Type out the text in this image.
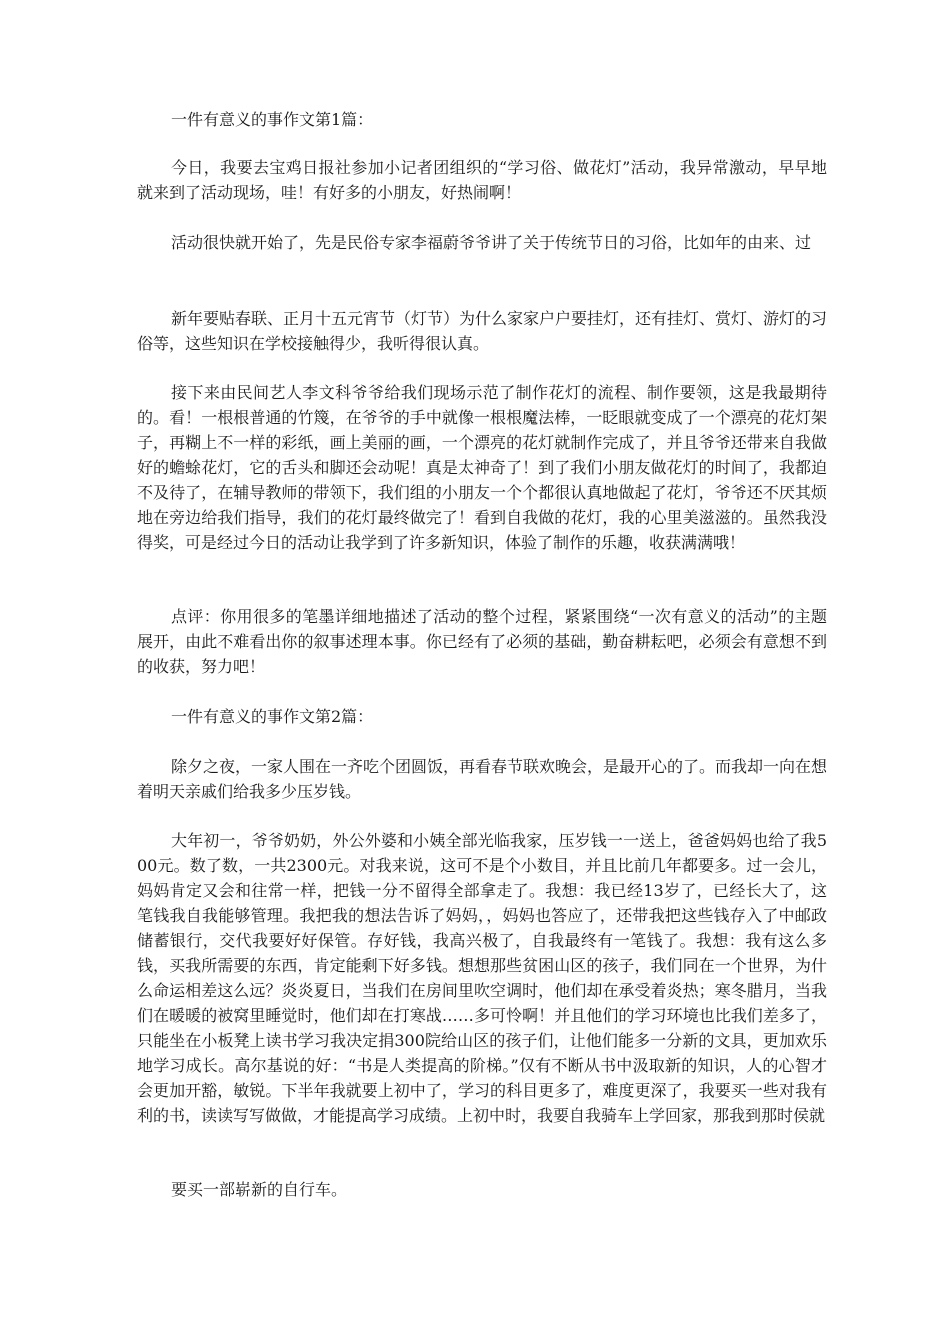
一件有意义的事作文第1篇：

今日，我要去宝鸡日报社参加小记者团组织的“学习俗、做花灯”活动，我异常激动，早早地就来到了活动现场，哇！有好多的小朋友，好热闹啊！

活动很快就开始了，先是民俗专家李福蔚爷爷讲了关于传统节日的习俗，比如年的由来、过

新年要贴春联、正月十五元宵节（灯节）为什么家家户户要挂灯，还有挂灯、赏灯、游灯的习俗等，这些知识在学校接触得少，我听得很认真。

接下来由民间艺人李文科爷爷给我们现场示范了制作花灯的流程、制作要领，这是我最期待的。看！一根根普通的竹篾，在爷爷的手中就像一根根魔法棒，一眨眼就变成了一个漂亮的花灯架子，再糊上不一样的彩纸，画上美丽的画，一个漂亮的花灯就制作完成了，并且爷爷还带来自我做好的蟾蜍花灯，它的舌头和脚还会动呢！真是太神奇了！到了我们小朋友做花灯的时间了，我都迫不及待了，在辅导教师的带领下，我们组的小朋友一个个都很认真地做起了花灯，爷爷还不厌其烦地在旁边给我们指导，我们的花灯最终做完了！看到自我做的花灯，我的心里美滋滋的。虽然我没得奖，可是经过今日的活动让我学到了许多新知识，体验了制作的乐趣，收获满满哦！

点评：你用很多的笔墨详细地描述了活动的整个过程，紧紧围绕“一次有意义的活动”的主题展开，由此不难看出你的叙事述理本事。你已经有了必须的基础，勤奋耕耘吧，必须会有意想不到的收获，努力吧！

一件有意义的事作文第2篇：

除夕之夜，一家人围在一齐吃个团圆饭，再看春节联欢晚会，是最开心的了。而我却一向在想着明天亲戚们给我多少压岁钱。

大年初一，爷爷奶奶，外公外婆和小姨全部光临我家，压岁钱一一送上，爸爸妈妈也给了我500元。数了数，一共2300元。对我来说，这可不是个小数目，并且比前几年都要多。过一会儿，妈妈肯定又会和往常一样，把钱一分不留得全部拿走了。我想：我已经13岁了，已经长大了，这笔钱我自我能够管理。我把我的想法告诉了妈妈，，妈妈也答应了，还带我把这些钱存入了中邮政储蓄银行，交代我要好好保管。存好钱，我高兴极了，自我最终有一笔钱了。我想：我有这么多钱，买我所需要的东西，肯定能剩下好多钱。想想那些贫困山区的孩子，我们同在一个世界，为什么命运相差这么远？炎炎夏日，当我们在房间里吹空调时，他们却在承受着炎热；寒冬腊月，当我们在暖暖的被窝里睡觉时，他们却在打寒战……多可怜啊！并且他们的学习环境也比我们差多了，只能坐在小板凳上读书学习我决定捐300院给山区的孩子们，让他们能多一分新的文具，更加欢乐地学习成长。高尔基说的好：“书是人类提高的阶梯。”仅有不断从书中汲取新的知识，人的心智才会更加开豁，敏锐。下半年我就要上初中了，学习的科目更多了，难度更深了，我要买一些对我有利的书，读读写写做做，才能提高学习成绩。上初中时，我要自我骑车上学回家，那我到那时侯就

要买一部崭新的自行车。
